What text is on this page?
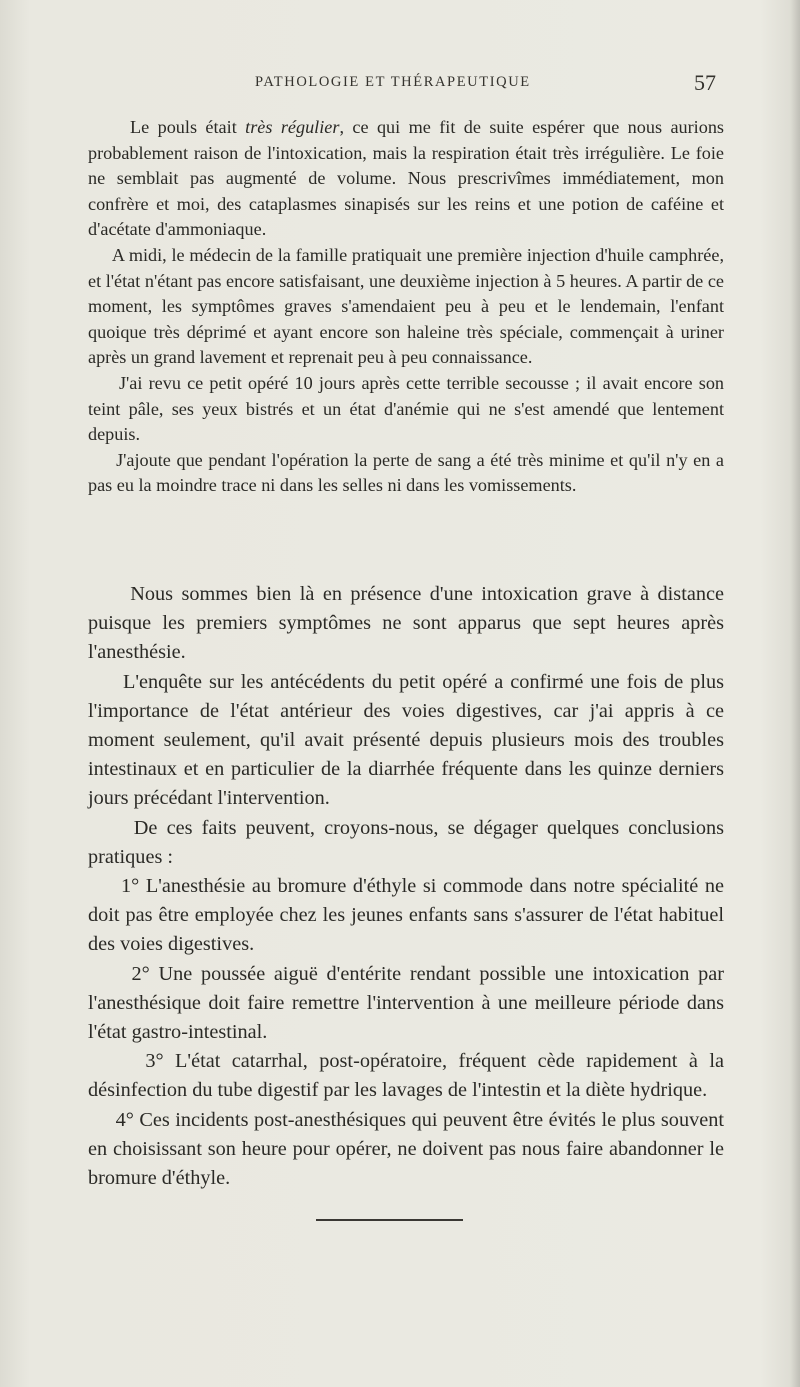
PATHOLOGIE ET THÉRAPEUTIQUE	57

Le pouls était très régulier, ce qui me fit de suite espérer que nous aurions probablement raison de l'intoxication, mais la respiration était très irrégulière. Le foie ne semblait pas augmenté de volume. Nous prescrivîmes immédiatement, mon confrère et moi, des cataplasmes sinapisés sur les reins et une potion de caféine et d'acétate d'ammoniaque.

A midi, le médecin de la famille pratiquait une première injection d'huile camphrée, et l'état n'étant pas encore satisfaisant, une deuxième injection à 5 heures. A partir de ce moment, les symptômes graves s'amendaient peu à peu et le lendemain, l'enfant quoique très déprimé et ayant encore son haleine très spéciale, commençait à uriner après un grand lavement et reprenait peu à peu connaissance.

J'ai revu ce petit opéré 10 jours après cette terrible secousse ; il avait encore son teint pâle, ses yeux bistrés et un état d'anémie qui ne s'est amendé que lentement depuis.

J'ajoute que pendant l'opération la perte de sang a été très minime et qu'il n'y en a pas eu la moindre trace ni dans les selles ni dans les vomissements.

Nous sommes bien là en présence d'une intoxication grave à distance puisque les premiers symptômes ne sont apparus que sept heures après l'anesthésie.

L'enquête sur les antécédents du petit opéré a confirmé une fois de plus l'importance de l'état antérieur des voies digestives, car j'ai appris à ce moment seulement, qu'il avait présenté depuis plusieurs mois des troubles intestinaux et en particulier de la diarrhée fréquente dans les quinze derniers jours précédant l'intervention.

De ces faits peuvent, croyons-nous, se dégager quelques conclusions pratiques :

1° L'anesthésie au bromure d'éthyle si commode dans notre spécialité ne doit pas être employée chez les jeunes enfants sans s'assurer de l'état habituel des voies digestives.

2° Une poussée aiguë d'entérite rendant possible une intoxication par l'anesthésique doit faire remettre l'intervention à une meilleure période dans l'état gastro-intestinal.

3° L'état catarrhal, post-opératoire, fréquent cède rapidement à la désinfection du tube digestif par les lavages de l'intestin et la diète hydrique.

4° Ces incidents post-anesthésiques qui peuvent être évités le plus souvent en choisissant son heure pour opérer, ne doivent pas nous faire abandonner le bromure d'éthyle.
